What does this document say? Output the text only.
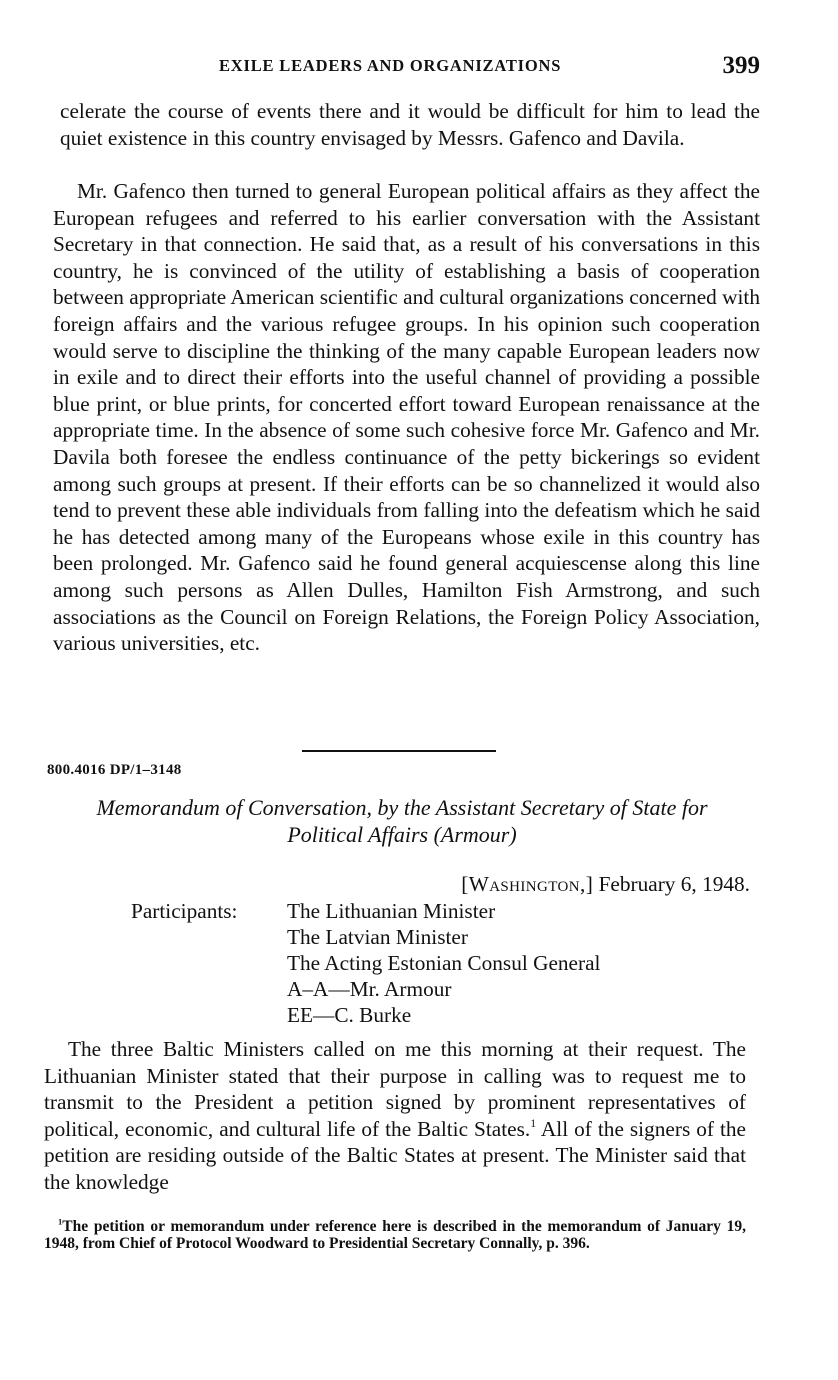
EXILE LEADERS AND ORGANIZATIONS	399

celerate the course of events there and it would be difficult for him to lead the quiet existence in this country envisaged by Messrs. Gafenco and Davila.

Mr. Gafenco then turned to general European political affairs as they affect the European refugees and referred to his earlier conversation with the Assistant Secretary in that connection. He said that, as a result of his conversations in this country, he is convinced of the utility of establishing a basis of cooperation between appropriate American scientific and cultural organizations concerned with foreign affairs and the various refugee groups. In his opinion such cooperation would serve to discipline the thinking of the many capable European leaders now in exile and to direct their efforts into the useful channel of providing a possible blue print, or blue prints, for concerted effort toward European renaissance at the appropriate time. In the absence of some such cohesive force Mr. Gafenco and Mr. Davila both foresee the endless continuance of the petty bickerings so evident among such groups at present. If their efforts can be so channelized it would also tend to prevent these able individuals from falling into the defeatism which he said he has detected among many of the Europeans whose exile in this country has been prolonged. Mr. Gafenco said he found general acquiescense along this line among such persons as Allen Dulles, Hamilton Fish Armstrong, and such associations as the Council on Foreign Relations, the Foreign Policy Association, various universities, etc.

800.4016 DP/1–3148
Memorandum of Conversation, by the Assistant Secretary of State for
Political Affairs (Armour)
[Washington,] February 6, 1948.
Participants:	The Lithuanian Minister
The Latvian Minister
The Acting Estonian Consul General
A–A—Mr. Armour
EE—C. Burke

The three Baltic Ministers called on me this morning at their request. The Lithuanian Minister stated that their purpose in calling was to request me to transmit to the President a petition signed by prominent representatives of political, economic, and cultural life of the Baltic States.$^1$ All of the signers of the petition are residing outside of the Baltic States at present. The Minister said that the knowledge

$^1$The petition or memorandum under reference here is described in the memorandum of January 19, 1948, from Chief of Protocol Woodward to Presidential Secretary Connally, p. 396.
